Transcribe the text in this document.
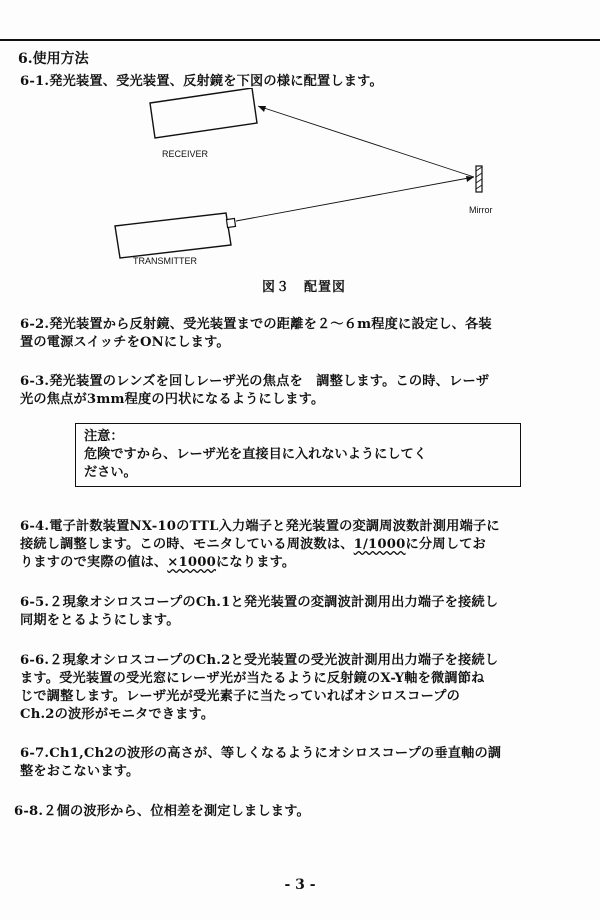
6.使用方法
6-1.発光装置、受光装置、反射鏡を下図の様に配置します。
RECEIVER
TRANSMITTER
Mirror
図３　配置図
6-2.発光装置から反射鏡、受光装置までの距離を２～６m程度に設定し、各装
置の電源スイッチをONにします。
6-3.発光装置のレンズを回しレーザ光の焦点を　調整します。この時、レーザ
光の焦点が3mm程度の円状になるようにします。
注意：
危険ですから、レーザ光を直接目に入れないようにしてく
ださい。
6-4.電子計数装置NX-10のTTL入力端子と発光装置の変調周波数計測用端子に
接続し調整します。この時、モニタしている周波数は、1/1000に分周してお
りますので実際の値は、×1000になります。
6-5.２現象オシロスコープのCh.1と発光装置の変調波計測用出力端子を接続し
同期をとるようにします。
6-6.２現象オシロスコープのCh.2と受光装置の受光波計測用出力端子を接続し
ます。受光装置の受光窓にレーザ光が当たるように反射鏡のX-Y軸を微調節ね
じで調整します。レーザ光が受光素子に当たっていればオシロスコープの
Ch.2の波形がモニタできます。
6-7.Ch1,Ch2の波形の高さが、等しくなるようにオシロスコープの垂直軸の調
整をおこないます。
6-8.２個の波形から、位相差を測定しまします。
- 3 -
